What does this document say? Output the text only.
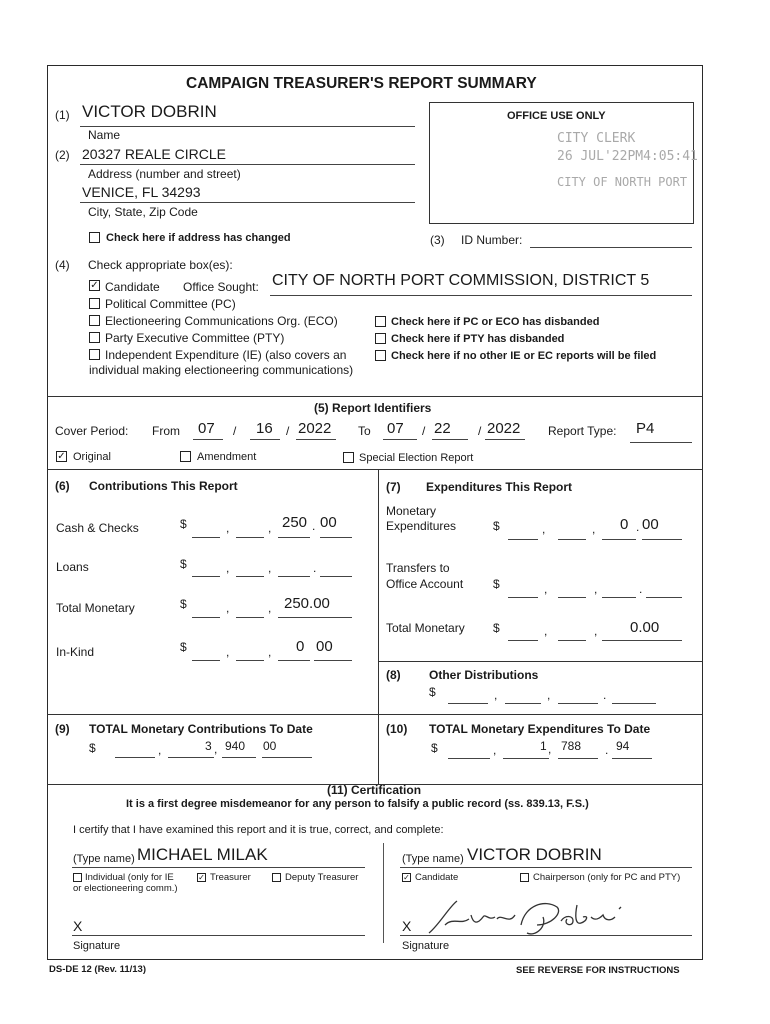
CAMPAIGN TREASURER'S REPORT SUMMARY
(1) VICTOR DOBRIN
Name
(2) 20327 REALE CIRCLE
Address (number and street)
VENICE, FL 34293
City, State, Zip Code
Check here if address has changed
OFFICE USE ONLY
CITY CLERK
26 JUL'22PM4:05:41
CITY OF NORTH PORT
(3) ID Number:
(4) Check appropriate box(es):
✓ Candidate Office Sought: CITY OF NORTH PORT COMMISSION, DISTRICT 5
Political Committee (PC)
Electioneering Communications Org. (ECO)
Party Executive Committee (PTY)
Independent Expenditure (IE) (also covers an
individual making electioneering communications)
Check here if PC or ECO has disbanded
Check here if PTY has disbanded
Check here if no other IE or EC reports will be filed
(5) Report Identifiers
Cover Period: From 07 / 16 / 2022 To 07 / 22 / 2022 Report Type: P4
✓ Original	Amendment	Special Election Report
(6) Contributions This Report
Cash & Checks	$	,	, 250 . 00
Loans	$	,	,	.
Total Monetary	$	,	, 250.00
In-Kind	$	,	, 0 00
(7) Expenditures This Report
Monetary
Expenditures	$	,	, 0 . 00
Transfers to
Office Account $	,	,	.
Total Monetary $	,	, 0.00
(8) Other Distributions
$	,	,	.
(9) TOTAL Monetary Contributions To Date
$	,	3 , 940 00
(10) TOTAL Monetary Expenditures To Date
$	,	1 , 788 . 94
(11) Certification
It is a first degree misdemeanor for any person to falsify a public record (ss. 839.13, F.S.)
I certify that I have examined this report and it is true, correct, and complete:
(Type name) MICHAEL MILAK
Individual (only for IE
or electioneering comm.)
✓ Treasurer	Deputy Treasurer
X
Signature
(Type name) VICTOR DOBRIN
✓ Candidate	Chairperson (only for PC and PTY)
X
Signature
DS-DE 12 (Rev. 11/13)	SEE REVERSE FOR INSTRUCTIONS
